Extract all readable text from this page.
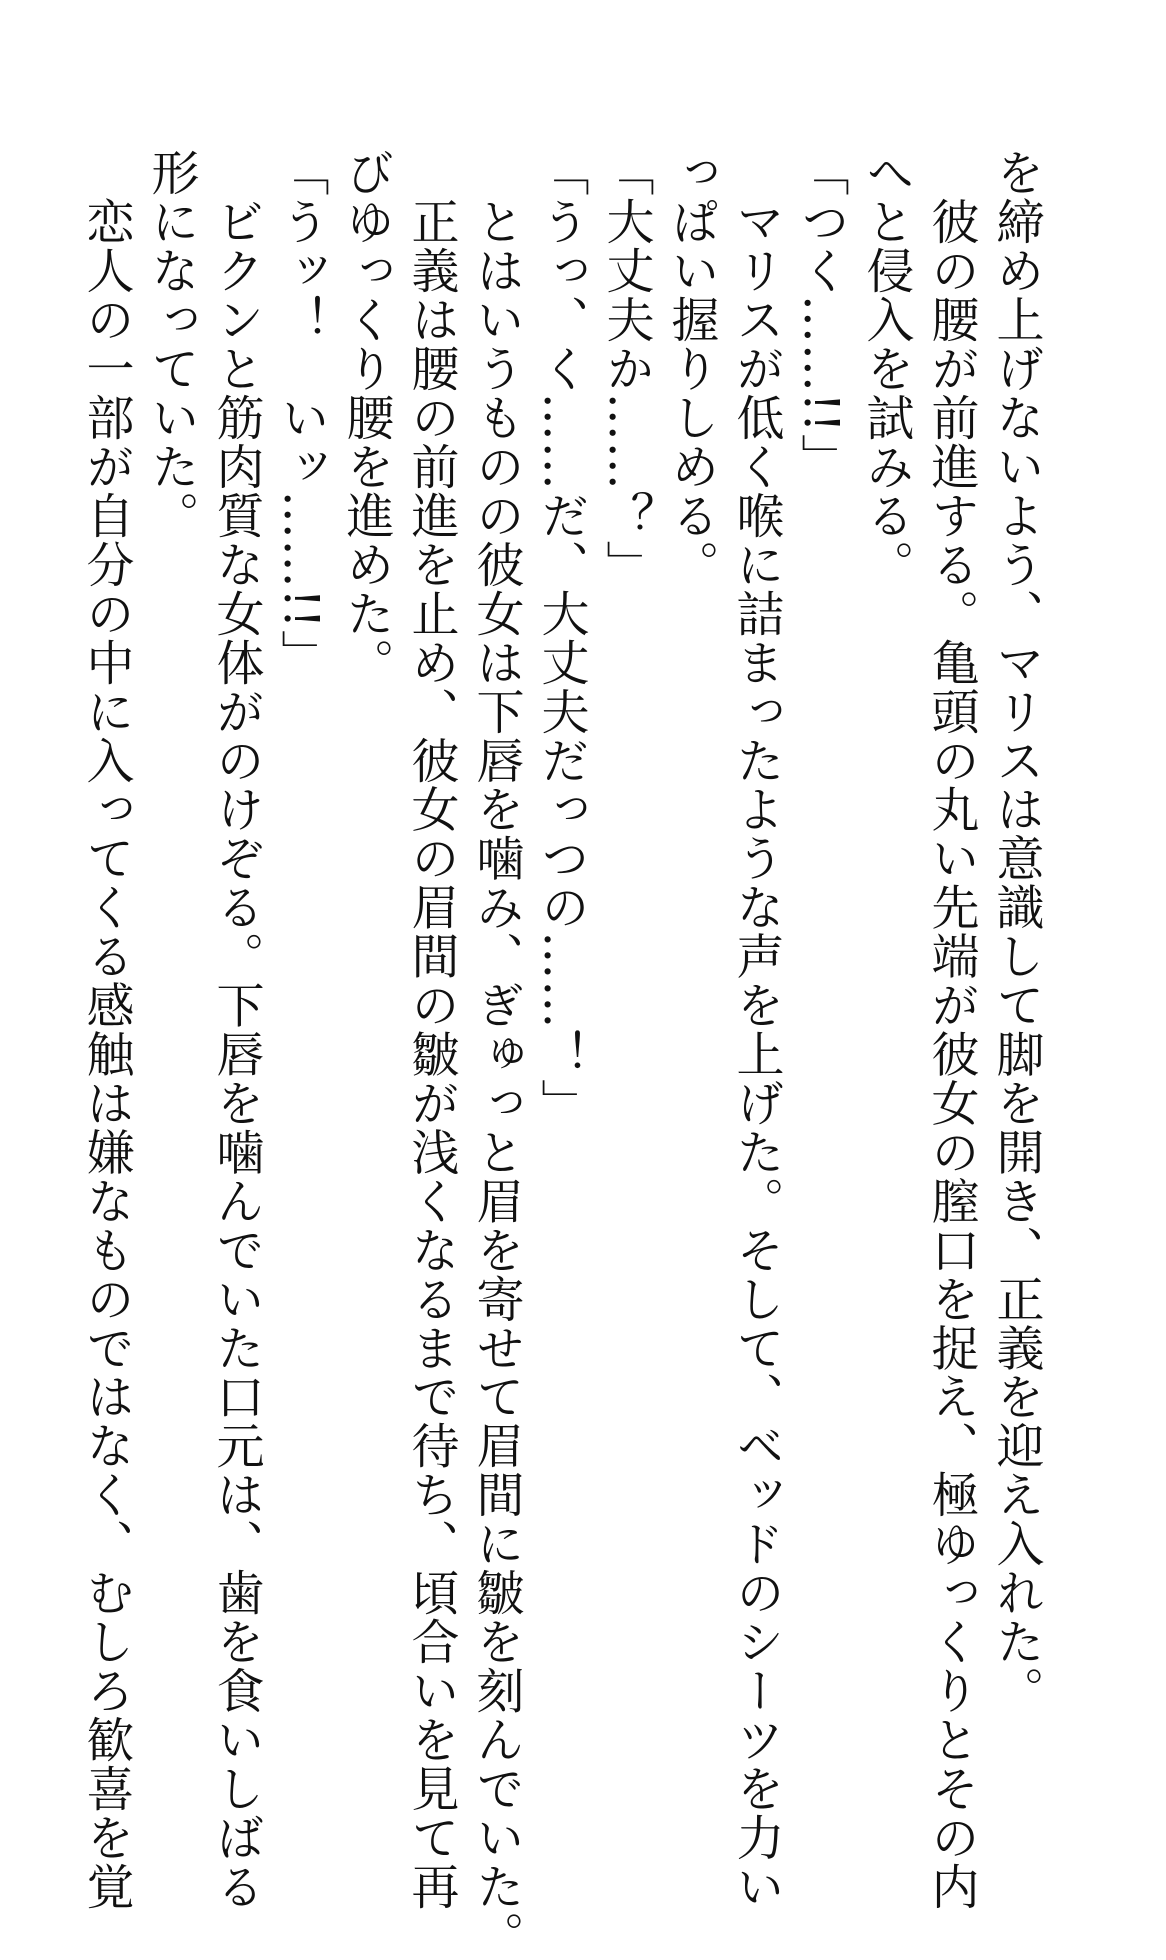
を締め上げないよう、マリスは意識して脚を開き、正義を迎え入れた。
　彼の腰が前進する。亀頭の丸い先端が彼女の膣口を捉え、極ゆっくりとその内
へと侵入を試みる。
「つく……!!」
　マリスが低く喉に詰まったような声を上げた。そして、ベッドのシーツを力い
っぱい握りしめる。
「大丈夫か……？」
「うっ、く……だ、大丈夫だっつの……！」
　とはいうものの彼女は下唇を噛み、ぎゅっと眉を寄せて眉間に皺を刻んでいた。
　正義は腰の前進を止め、彼女の眉間の皺が浅くなるまで待ち、頃合いを見て再
びゆっくり腰を進めた。
「うッ！　いッ……!!」
　ビクンと筋肉質な女体がのけぞる。下唇を噛んでいた口元は、歯を食いしばる
形になっていた。
　恋人の一部が自分の中に入ってくる感触は嫌なものではなく、むしろ歓喜を覚
